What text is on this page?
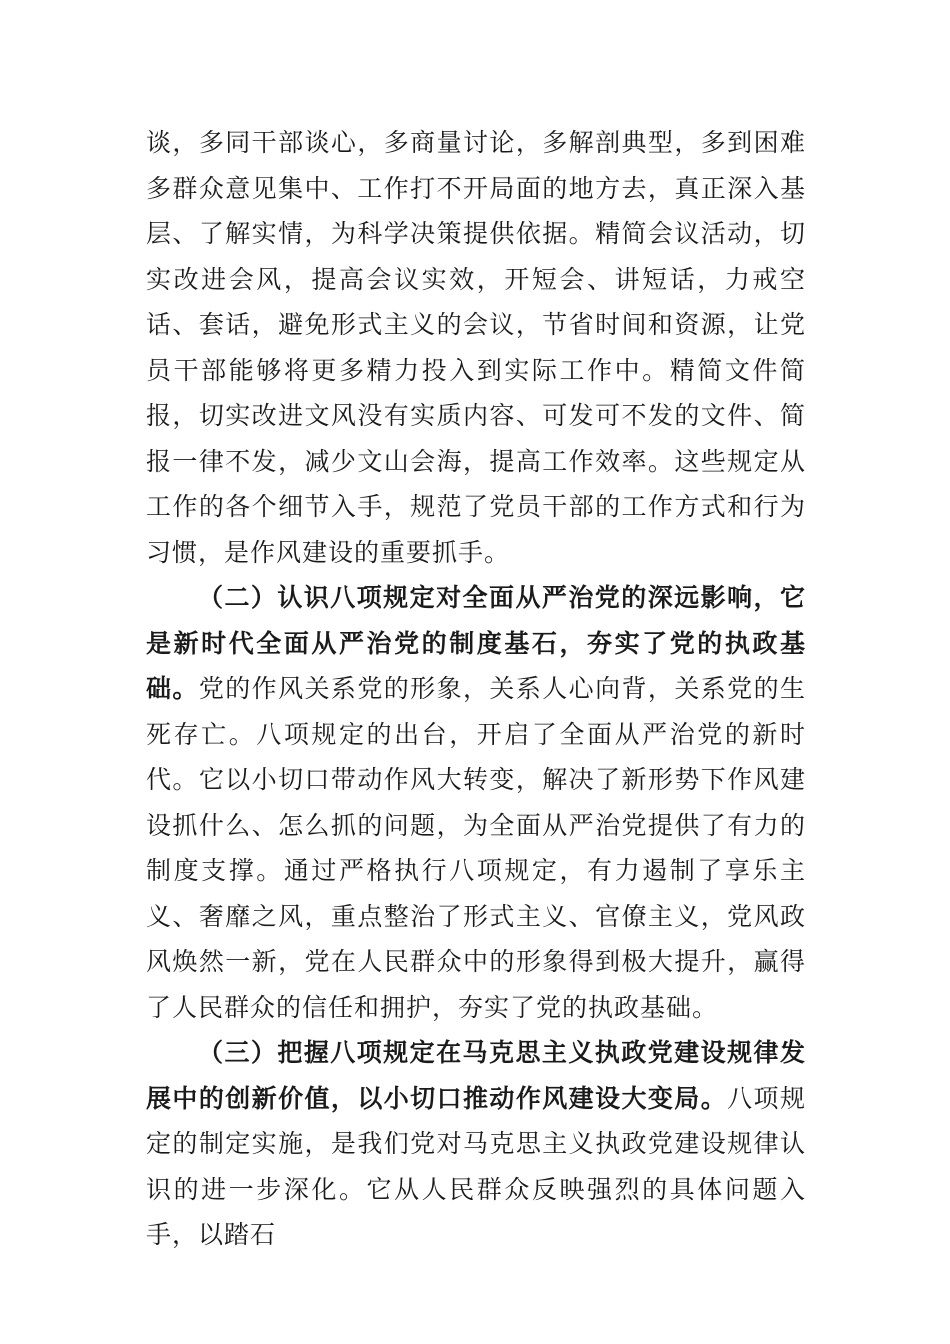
谈，多同干部谈心，多商量讨论，多解剖典型，多到困难多群众意见集中、工作打不开局面的地方去，真正深入基层、了解实情，为科学决策提供依据。精简会议活动，切实改进会风，提高会议实效，开短会、讲短话，力戒空话、套话，避免形式主义的会议，节省时间和资源，让党员干部能够将更多精力投入到实际工作中。精简文件简报，切实改进文风没有实质内容、可发可不发的文件、简报一律不发，减少文山会海，提高工作效率。这些规定从工作的各个细节入手，规范了党员干部的工作方式和行为习惯，是作风建设的重要抓手。

（二）认识八项规定对全面从严治党的深远影响，它是新时代全面从严治党的制度基石，夯实了党的执政基础。党的作风关系党的形象，关系人心向背，关系党的生死存亡。八项规定的出台，开启了全面从严治党的新时代。它以小切口带动作风大转变，解决了新形势下作风建设抓什么、怎么抓的问题，为全面从严治党提供了有力的制度支撑。通过严格执行八项规定，有力遏制了享乐主义、奢靡之风，重点整治了形式主义、官僚主义，党风政风焕然一新，党在人民群众中的形象得到极大提升，赢得了人民群众的信任和拥护，夯实了党的执政基础。

（三）把握八项规定在马克思主义执政党建设规律发展中的创新价值，以小切口推动作风建设大变局。八项规定的制定实施，是我们党对马克思主义执政党建设规律认识的进一步深化。它从人民群众反映强烈的具体问题入手，以踏石
